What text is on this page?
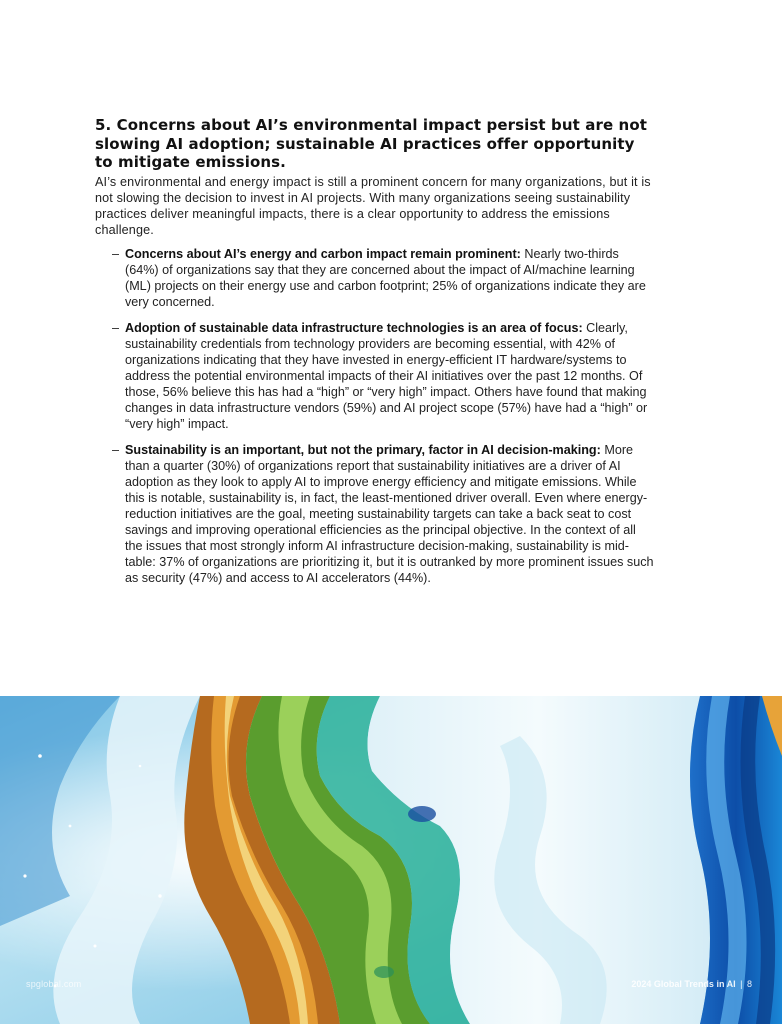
5. Concerns about AI’s environmental impact persist but are not slowing AI adoption; sustainable AI practices offer opportunity to mitigate emissions.

AI’s environmental and energy impact is still a prominent concern for many organizations, but it is not slowing the decision to invest in AI projects. With many organizations seeing sustainability practices deliver meaningful impacts, there is a clear opportunity to address the emissions challenge.

– Concerns about AI’s energy and carbon impact remain prominent: Nearly two-thirds (64%) of organizations say that they are concerned about the impact of AI/machine learning (ML) projects on their energy use and carbon footprint; 25% of organizations indicate they are very concerned.
– Adoption of sustainable data infrastructure technologies is an area of focus: Clearly, sustainability credentials from technology providers are becoming essential, with 42% of organizations indicating that they have invested in energy-efficient IT hardware/systems to address the potential environmental impacts of their AI initiatives over the past 12 months. Of those, 56% believe this has had a “high” or “very high” impact. Others have found that making changes in data infrastructure vendors (59%) and AI project scope (57%) have had a “high” or “very high” impact.
– Sustainability is an important, but not the primary, factor in AI decision-making: More than a quarter (30%) of organizations report that sustainability initiatives are a driver of AI adoption as they look to apply AI to improve energy efficiency and mitigate emissions. While this is notable, sustainability is, in fact, the least-mentioned driver overall. Even where energy-reduction initiatives are the goal, meeting sustainability targets can take a back seat to cost savings and improving operational efficiencies as the principal objective. In the context of all the issues that most strongly inform AI infrastructure decision-making, sustainability is mid-table: 37% of organizations are prioritizing it, but it is outranked by more prominent issues such as security (47%) and access to AI accelerators (44%).
spglobal.com	2024 Global Trends in AI | 8
